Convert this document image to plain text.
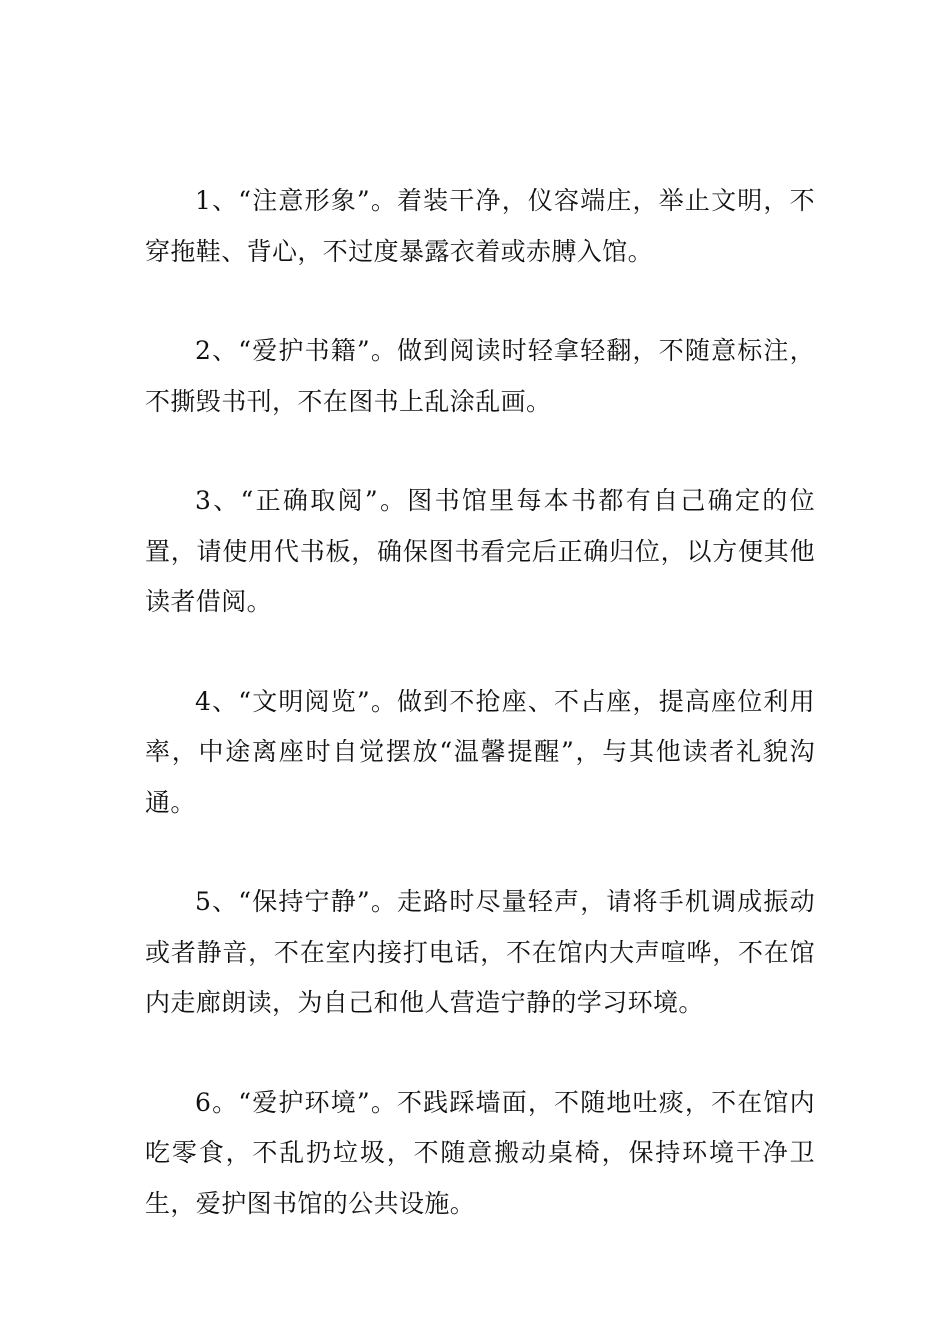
1、“注意形象”。着装干净，仪容端庄，举止文明，不穿拖鞋、背心，不过度暴露衣着或赤膊入馆。

2、“爱护书籍”。做到阅读时轻拿轻翻，不随意标注，不撕毁书刊，不在图书上乱涂乱画。

3、“正确取阅”。图书馆里每本书都有自己确定的位置，请使用代书板，确保图书看完后正确归位，以方便其他读者借阅。

4、“文明阅览”。做到不抢座、不占座，提高座位利用率，中途离座时自觉摆放“温馨提醒”，与其他读者礼貌沟通。

5、“保持宁静”。走路时尽量轻声，请将手机调成振动或者静音，不在室内接打电话，不在馆内大声喧哗，不在馆内走廊朗读，为自己和他人营造宁静的学习环境。

6。“爱护环境”。不践踩墙面，不随地吐痰，不在馆内吃零食，不乱扔垃圾，不随意搬动桌椅，保持环境干净卫生，爱护图书馆的公共设施。
